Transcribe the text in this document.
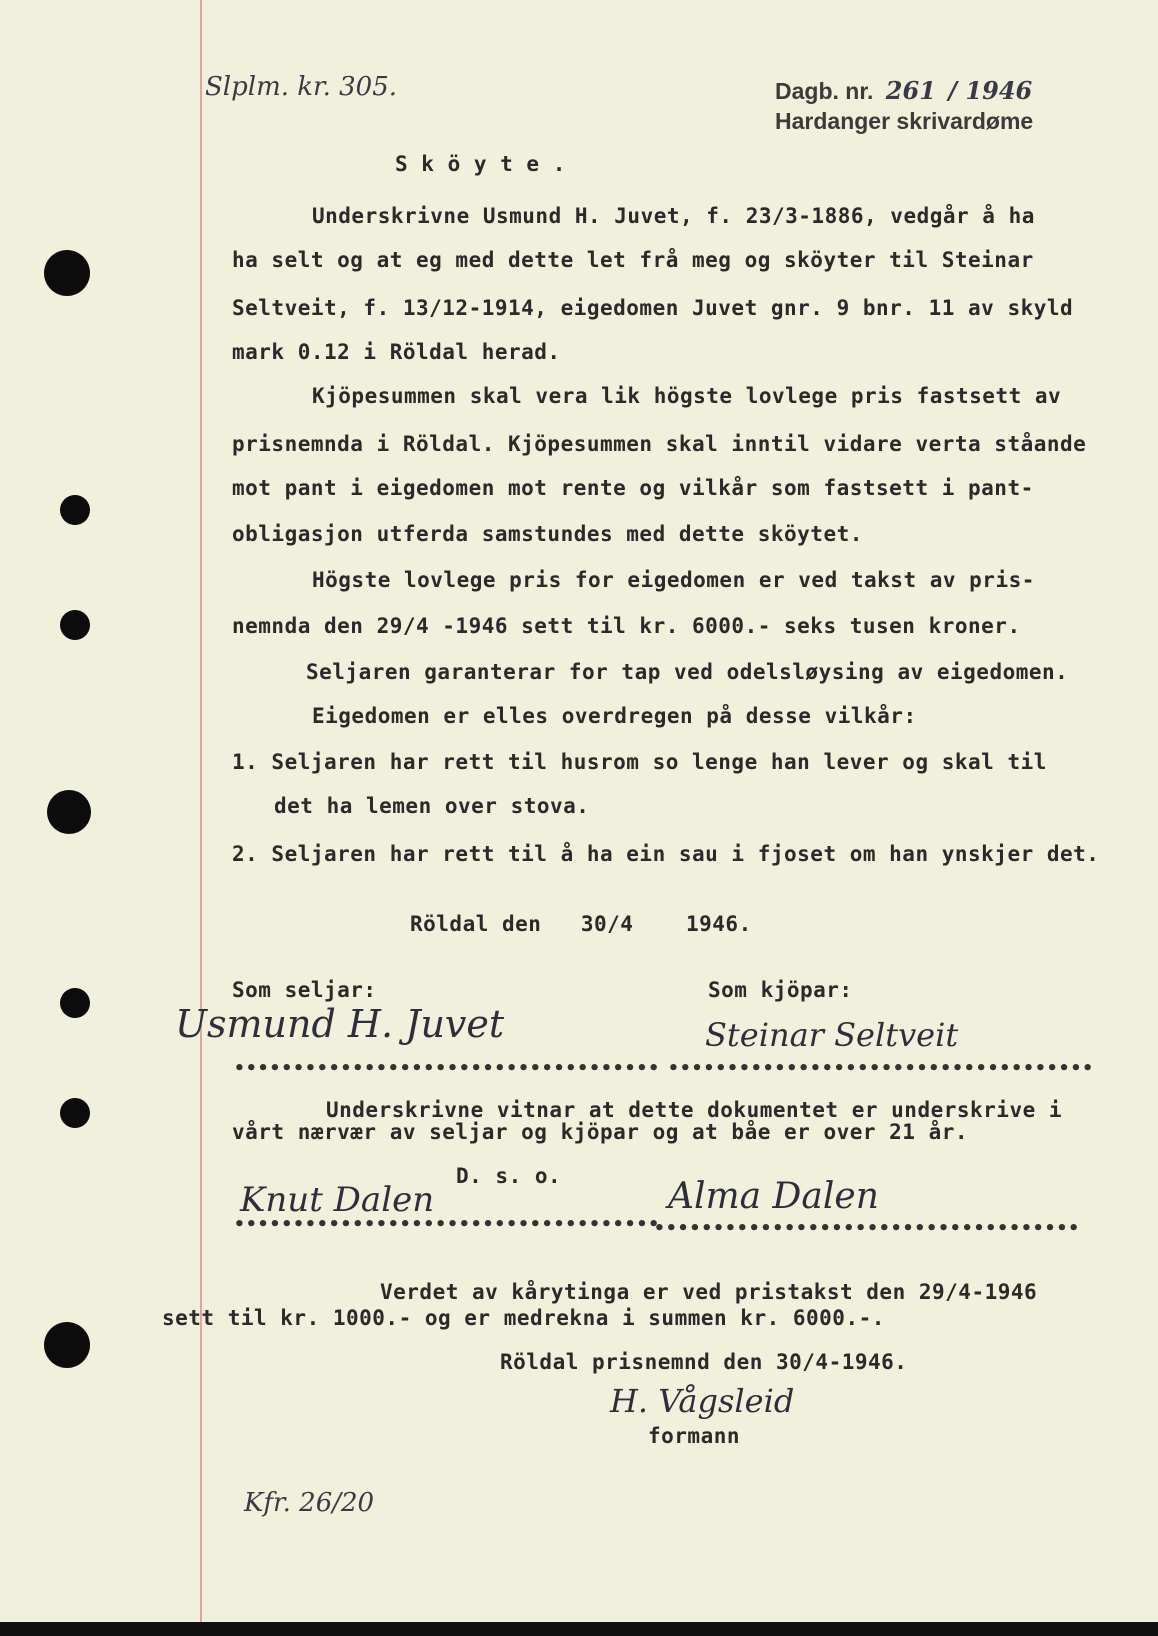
Slplm. kr. 305.	Dagb. nr. 261 / 1946
Hardanger skrivardøme
S k ö y t e .
Underskrivne Usmund H. Juvet, f. 23/3-1886, vedgår å ha
ha selt og at eg med dette let frå meg og sköyter til Steinar
Seltveit, f. 13/12-1914, eigedomen Juvet gnr. 9 bnr. 11 av skyld
mark 0.12 i Röldal herad.
Kjöpesummen skal vera lik högste lovlege pris fastsett av
prisnemnda i Röldal. Kjöpesummen skal inntil vidare verta ståande
mot pant i eigedomen mot rente og vilkår som fastsett i pant-
obligasjon utferda samstundes med dette sköytet.
Högste lovlege pris for eigedomen er ved takst av pris-
nemnda den 29/4 -1946 sett til kr. 6000.- seks tusen kroner.
Seljaren garanterar for tap ved odelsløysing av eigedomen.
Eigedomen er elles overdregen på desse vilkår:
1. Seljaren har rett til husrom so lenge han lever og skal til
det ha lemen over stova.
2. Seljaren har rett til å ha ein sau i fjoset om han ynskjer det.
Röldal den   30/4    1946.
Som seljar:	Som kjöpar:
Usmund H. Juvet	Steinar Seltveit
•••••••••••••••••••••••••••••••••••• ••••••••••••••••••••••••••••••••••••
Underskrivne vitnar at dette dokumentet er underskrive i
vårt nærvær av seljar og kjöpar og at båe er over 21 år.
D. s. o.
Knut Dalen	Alma Dalen
••••••••••••••••••••••••••••••••••••
••••••••••••••••••••••••••••••••••••
Verdet av kårytinga er ved pristakst den 29/4-1946
sett til kr. 1000.- og er medrekna i summen kr. 6000.-.
Röldal prisnemnd den 30/4-1946.
H. Vågsleid
formann
Kfr. 26/20
